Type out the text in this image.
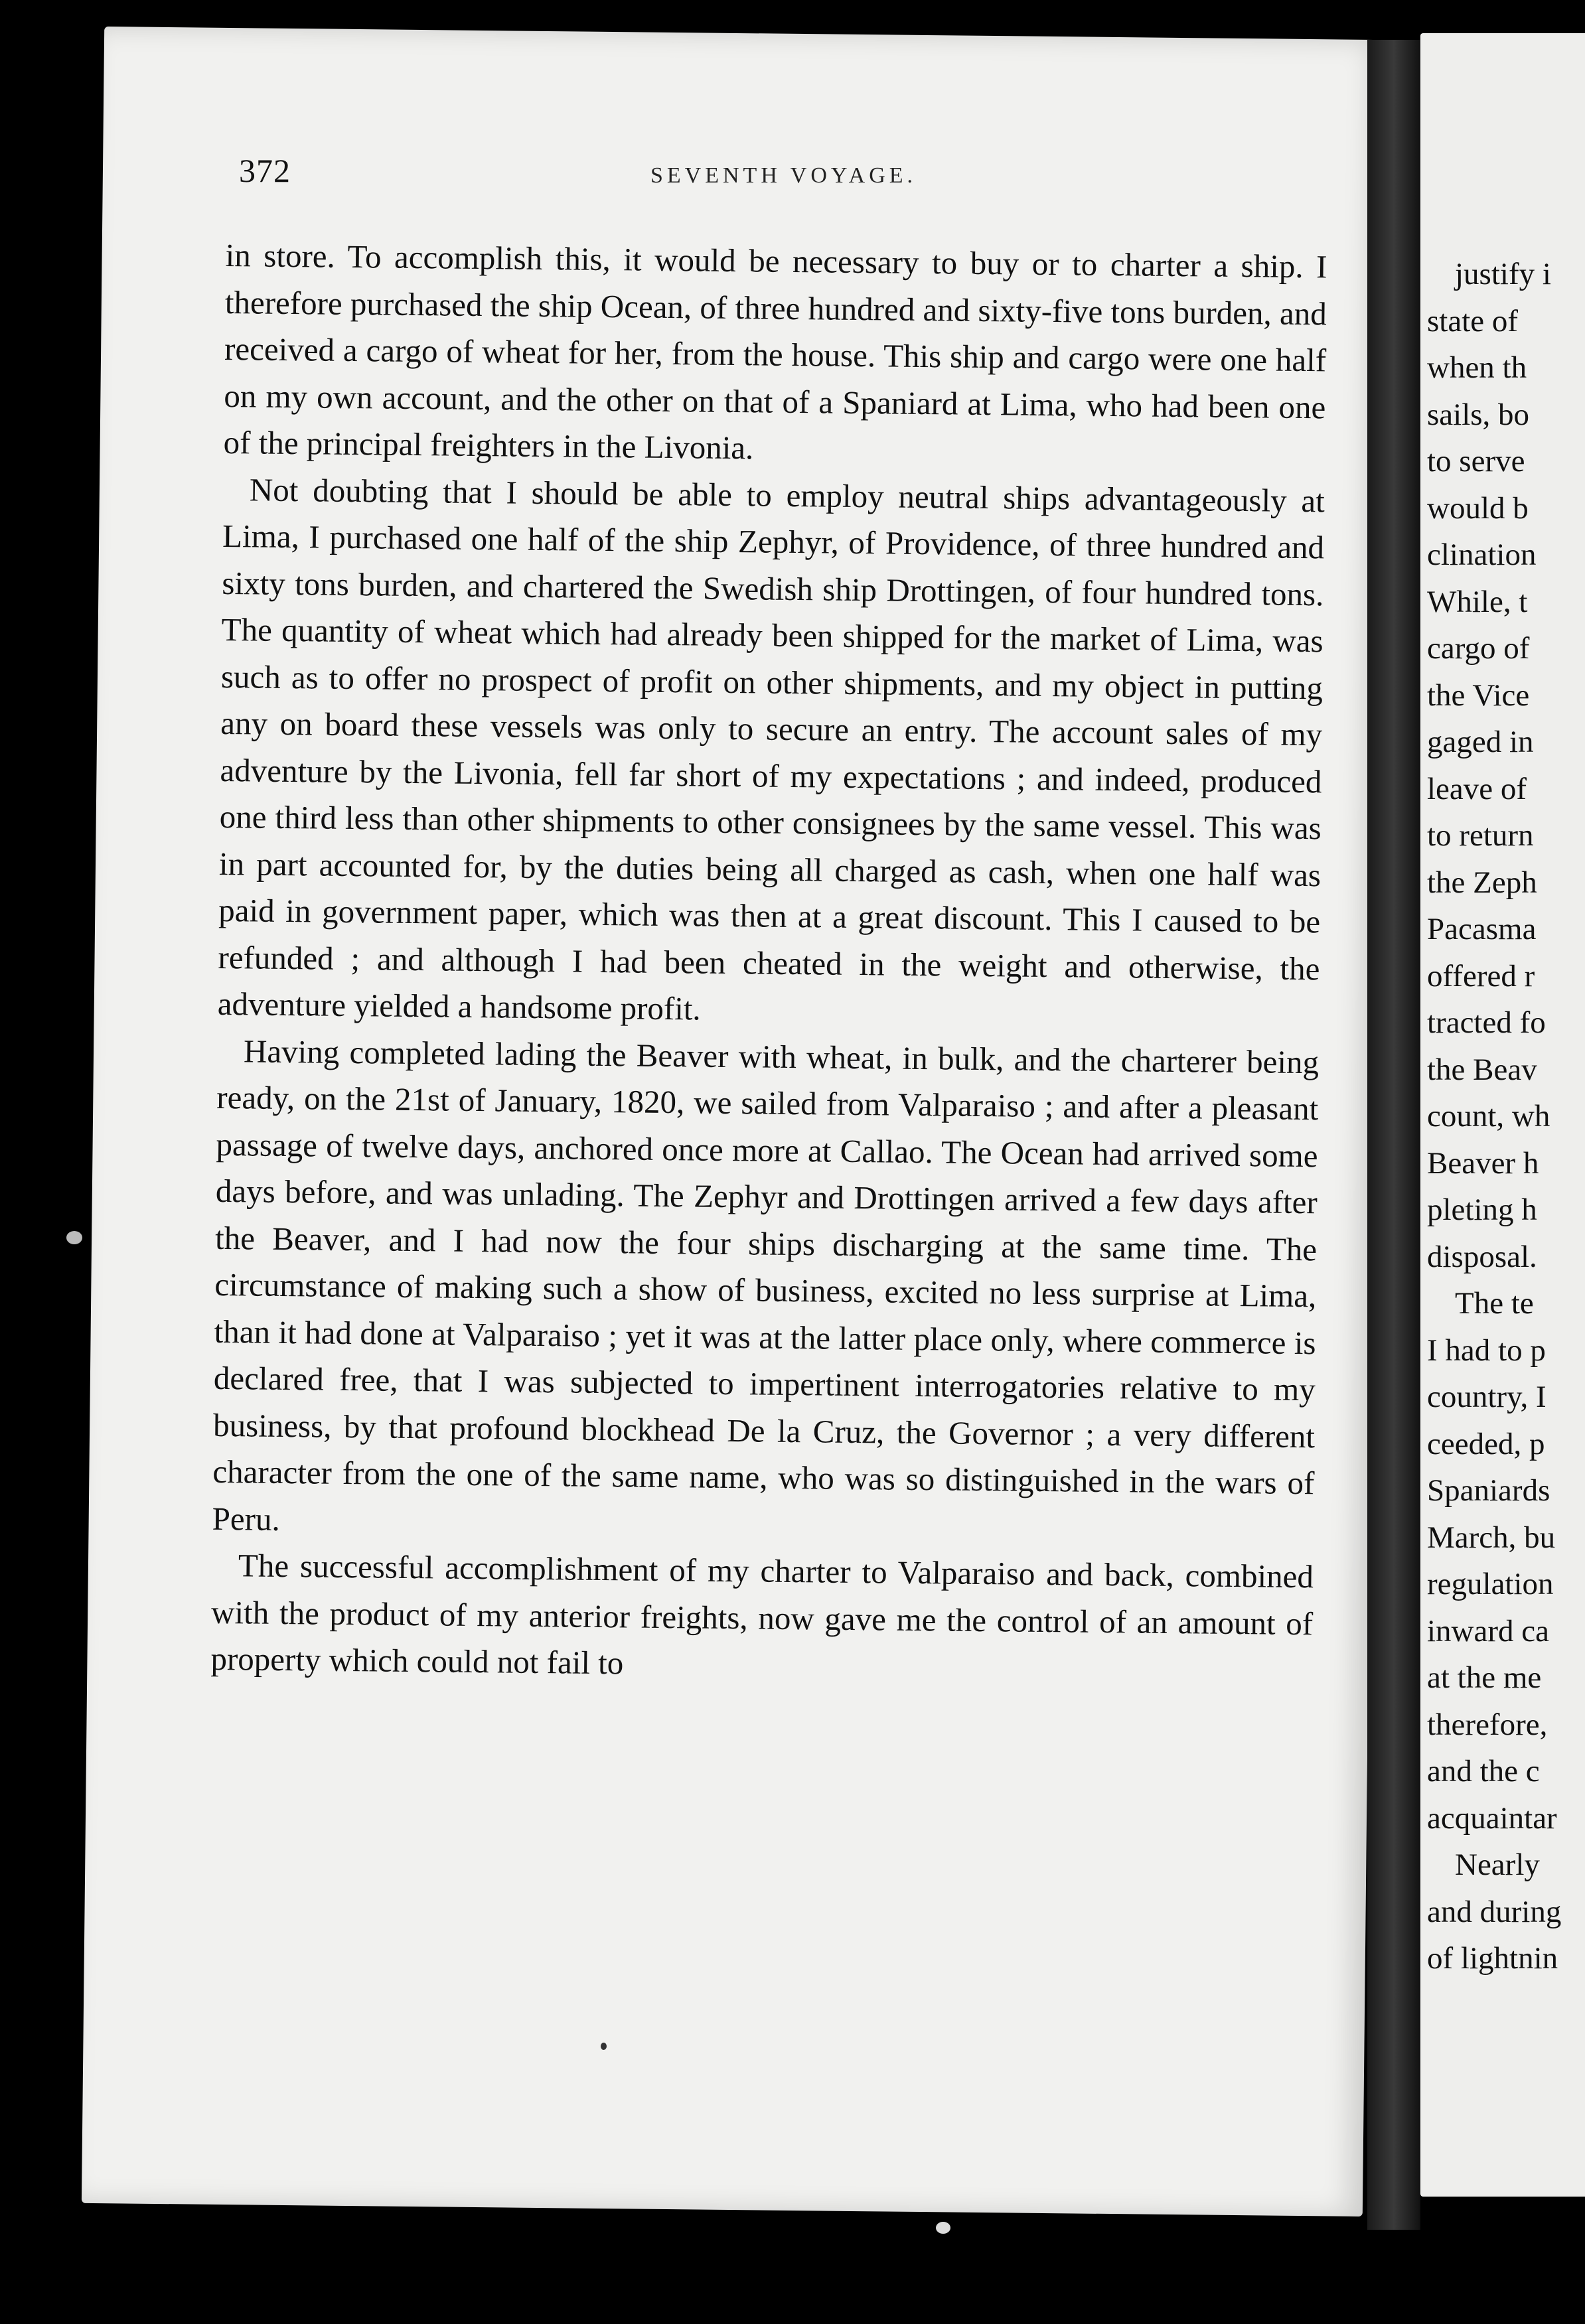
372	SEVENTH VOYAGE.

in store. To accomplish this, it would be necessary to buy or to charter a ship. I therefore purchased the ship Ocean, of three hundred and sixty-five tons burden, and received a cargo of wheat for her, from the house. This ship and cargo were one half on my own account, and the other on that of a Spaniard at Lima, who had been one of the principal freighters in the Livonia.

Not doubting that I should be able to employ neutral ships advantageously at Lima, I purchased one half of the ship Zephyr, of Providence, of three hundred and sixty tons burden, and chartered the Swedish ship Drottingen, of four hundred tons. The quantity of wheat which had already been shipped for the market of Lima, was such as to offer no prospect of profit on other shipments, and my object in putting any on board these vessels was only to secure an entry. The account sales of my adventure by the Livonia, fell far short of my expectations ; and indeed, produced one third less than other shipments to other consignees by the same vessel. This was in part accounted for, by the duties being all charged as cash, when one half was paid in government paper, which was then at a great discount. This I caused to be refunded ; and although I had been cheated in the weight and otherwise, the adventure yielded a handsome profit.

Having completed lading the Beaver with wheat, in bulk, and the charterer being ready, on the 21st of January, 1820, we sailed from Valparaiso ; and after a pleasant passage of twelve days, anchored once more at Callao. The Ocean had arrived some days before, and was unlading. The Zephyr and Drottingen arrived a few days after the Beaver, and I had now the four ships discharging at the same time. The circumstance of making such a show of business, excited no less surprise at Lima, than it had done at Valparaiso ; yet it was at the latter place only, where commerce is declared free, that I was subjected to impertinent interrogatories relative to my business, by that profound blockhead De la Cruz, the Governor ; a very different character from the one of the same name, who was so distinguished in the wars of Peru.

The successful accomplishment of my charter to Valparaiso and back, combined with the product of my anterior freights, now gave me the control of an amount of property which could not fail to

justify i
state of
when th
sails, bo
to serve
would b
clination
While, t
cargo of
the Vice
gaged in
leave of
to return
the Zeph
Pacasma
offered r
tracted fo
the Beav
count, wh
Beaver h
pleting h
disposal.
The te
I had to p
country, I
ceeded, p
Spaniards
March, bu
regulation
inward ca
at the me
therefore,
and the c
acquaintar
Nearly
and during
of lightnin
